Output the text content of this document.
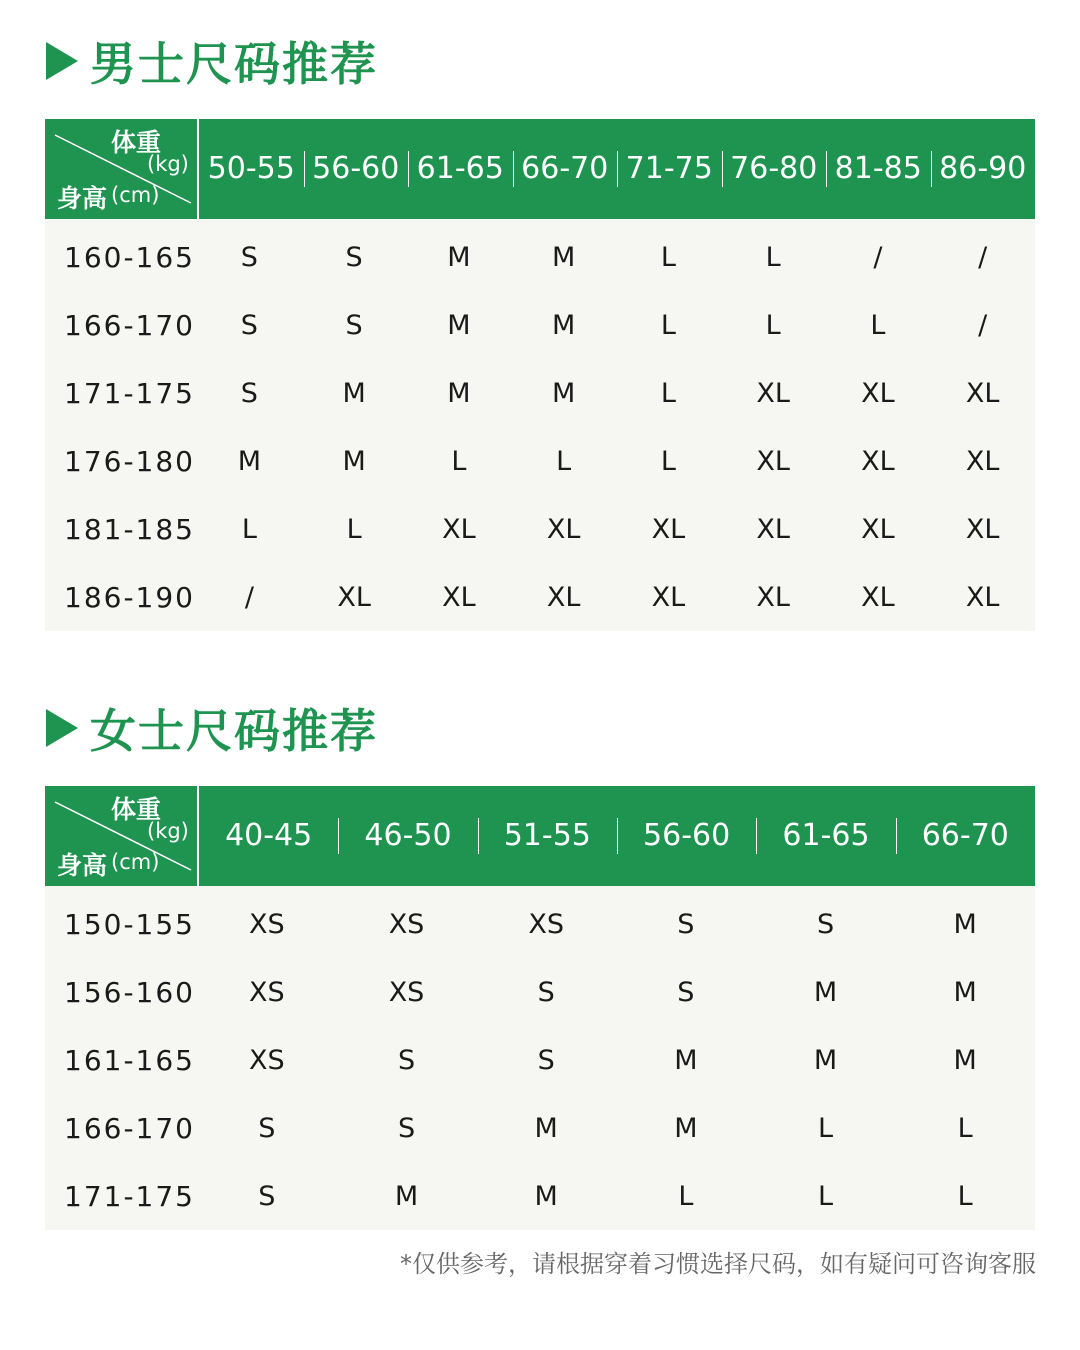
男士尺码推荐
体重
(kg)
身高 (cm)
50-55 56-60 61-65 66-70 71-75 76-80 81-85 86-90
160-165	S	S	M	M	L	L	/	/
166-170	S	S	M	M	L	L	L	/
171-175	S	M	M	M	L	XL	XL	XL
176-180	M	M	L	L	L	XL	XL	XL
181-185	L	L	XL	XL	XL	XL	XL	XL
186-190	/	XL	XL	XL	XL	XL	XL	XL
女士尺码推荐
体重
(kg)
身高 (cm)
40-45	46-50	51-55	56-60	61-65	66-70
150-155	XS	XS	XS	S	S	M
156-160	XS	XS	S	S	M	M
161-165	XS	S	S	M	M	M
166-170	S	S	M	M	L	L
171-175	S	M	M	L	L	L
*仅供参考，请根据穿着习惯选择尺码，如有疑问可咨询客服
